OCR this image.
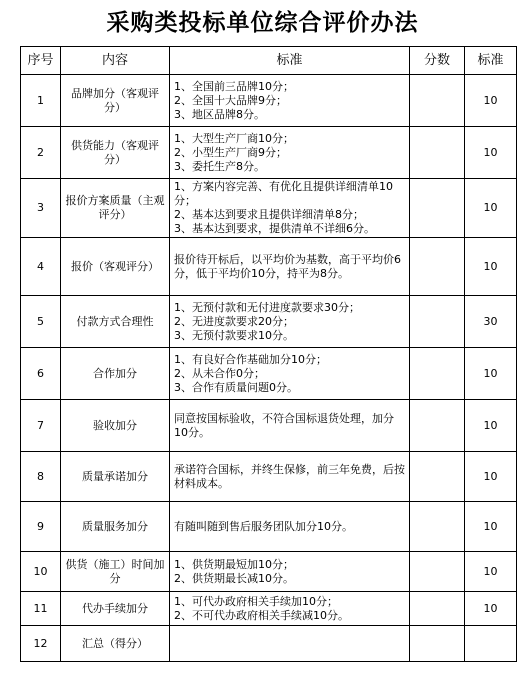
采购类投标单位综合评价办法
序号	内容	标准	分数	标准
1	品牌加分（客观评分）	1、全国前三品牌10分；
2、全国十大品牌9分；
3、地区品牌8分。		10
2	供货能力（客观评分）	1、大型生产厂商10分；
2、小型生产厂商9分；
3、委托生产8分。		10
3	报价方案质量（主观评分）	1、方案内容完善、有优化且提供详细清单10分；
2、基本达到要求且提供详细清单8分；
3、基本达到要求，提供清单不详细6分。		10
4	报价（客观评分）	报价待开标后，以平均价为基数，高于平均价6分，低于平均价10分，持平为8分。		10
5	付款方式合理性	1、无预付款和无付进度款要求30分；
2、无进度款要求20分；
3、无预付款要求10分。		30
6	合作加分	1、有良好合作基础加分10分；
2、从未合作0分；
3、合作有质量问题0分。		10
7	验收加分	同意按国标验收，不符合国标退货处理，加分10分。		10
8	质量承诺加分	承诺符合国标，并终生保修，前三年免费，后按材料成本。		10
9	质量服务加分	有随叫随到售后服务团队加分10分。		10
10	供货（施工）时间加分	1、供货期最短加10分；
2、供货期最长减10分。		10
11	代办手续加分	1、可代办政府相关手续加10分；
2、不可代办政府相关手续减10分。		10
12	汇总（得分）			
